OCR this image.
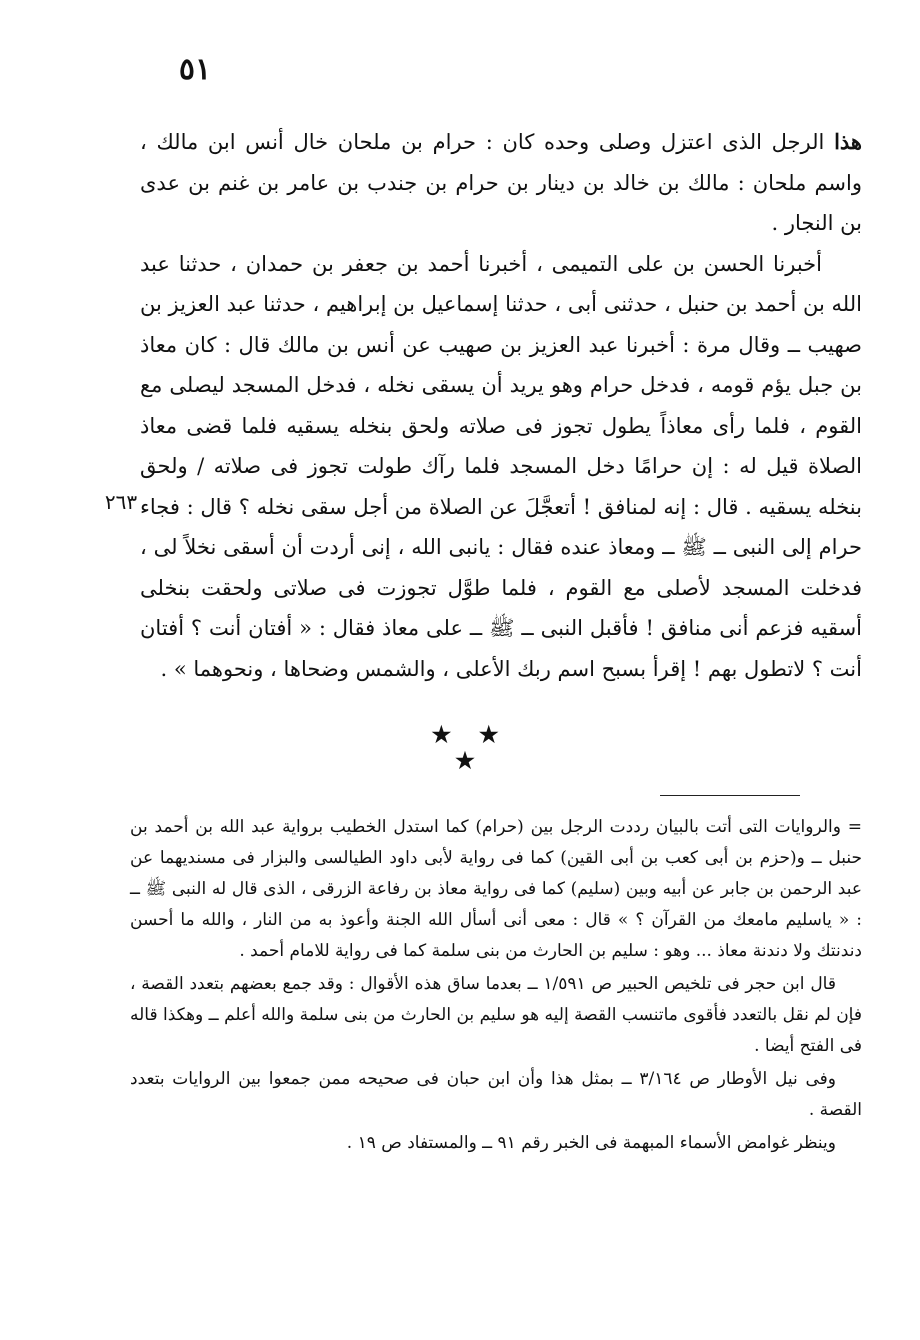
٥١

هذا الرجل الذى اعتزل وصلى وحده كان : حرام بن ملحان خال أنس ابن مالك ، واسم ملحان : مالك بن خالد بن دينار بن حرام بن جندب بن عامر بن غنم بن عدى بن النجار .

أخبرنا الحسن بن على التميمى ، أخبرنا أحمد بن جعفر بن حمدان ، حدثنا عبد الله بن أحمد بن حنبل ، حدثنى أبى ، حدثنا إسماعيل بن إبراهيم ، حدثنا عبد العزيز بن صهيب ــ وقال مرة : أخبرنا عبد العزيز بن صهيب عن أنس بن مالك قال : كان معاذ بن جبل يؤم قومه ، فدخل حرام وهو يريد أن يسقى نخله ، فدخل المسجد ليصلى مع القوم ، فلما رأى معاذاً يطول تجوز فى صلاته ولحق بنخله يسقيه فلما قضى معاذ الصلاة قيل له : إن حرامًا دخل المسجد فلما رآك طولت تجوز فى صلاته / ولحق بنخله يسقيه . قال : إنه لمنافق ! أتعجَّلَ عن الصلاة من أجل سقى نخله ؟ قال : فجاء حرام إلى النبى ــ ﷺ ــ ومعاذ عنده فقال : يانبى الله ، إنى أردت أن أسقى نخلاً لى ، فدخلت المسجد لأصلى مع القوم ، فلما طوَّل تجوزت فى صلاتى ولحقت بنخلى أسقيه فزعم أنى منافق ! فأقبل النبى ــ ﷺ ــ على معاذ فقال : « أفتان أنت ؟ أفتان أنت ؟ لاتطول بهم ! إقرأ بسبح اسم ربك الأعلى ، والشمس وضحاها ، ونحوهما » .

٢٦٣
★ ★ ★

= والروايات التى أتت بالبيان رددت الرجل بين (حرام) كما استدل الخطيب برواية عبد الله بن أحمد بن حنبل ــ و(حزم بن أبى كعب بن أبى القين) كما فى رواية لأبى داود الطيالسى والبزار فى مسنديهما عن عبد الرحمن بن جابر عن أبيه وبين (سليم) كما فى رواية معاذ بن رفاعة الزرقى ، الذى قال له النبى ﷺ ــ : « ياسليم مامعك من القرآن ؟ » قال : معى أنى أسأل الله الجنة وأعوذ به من النار ، والله ما أحسن دندنتك ولا دندنة معاذ ... وهو : سليم بن الحارث من بنى سلمة كما فى رواية للامام أحمد .

قال ابن حجر فى تلخيص الحبير ص ١/٥٩١ ــ بعدما ساق هذه الأقوال : وقد جمع بعضهم بتعدد القصة ، فإن لم نقل بالتعدد فأقوى ماتنسب القصة إليه هو سليم بن الحارث من بنى سلمة والله أعلم ــ وهكذا قاله فى الفتح أيضا .

وفى نيل الأوطار ص ٣/١٦٤ ــ بمثل هذا وأن ابن حبان فى صحيحه ممن جمعوا بين الروايات بتعدد القصة .

وينظر غوامض الأسماء المبهمة فى الخبر رقم ٩١ ــ والمستفاد ص ١٩ .
